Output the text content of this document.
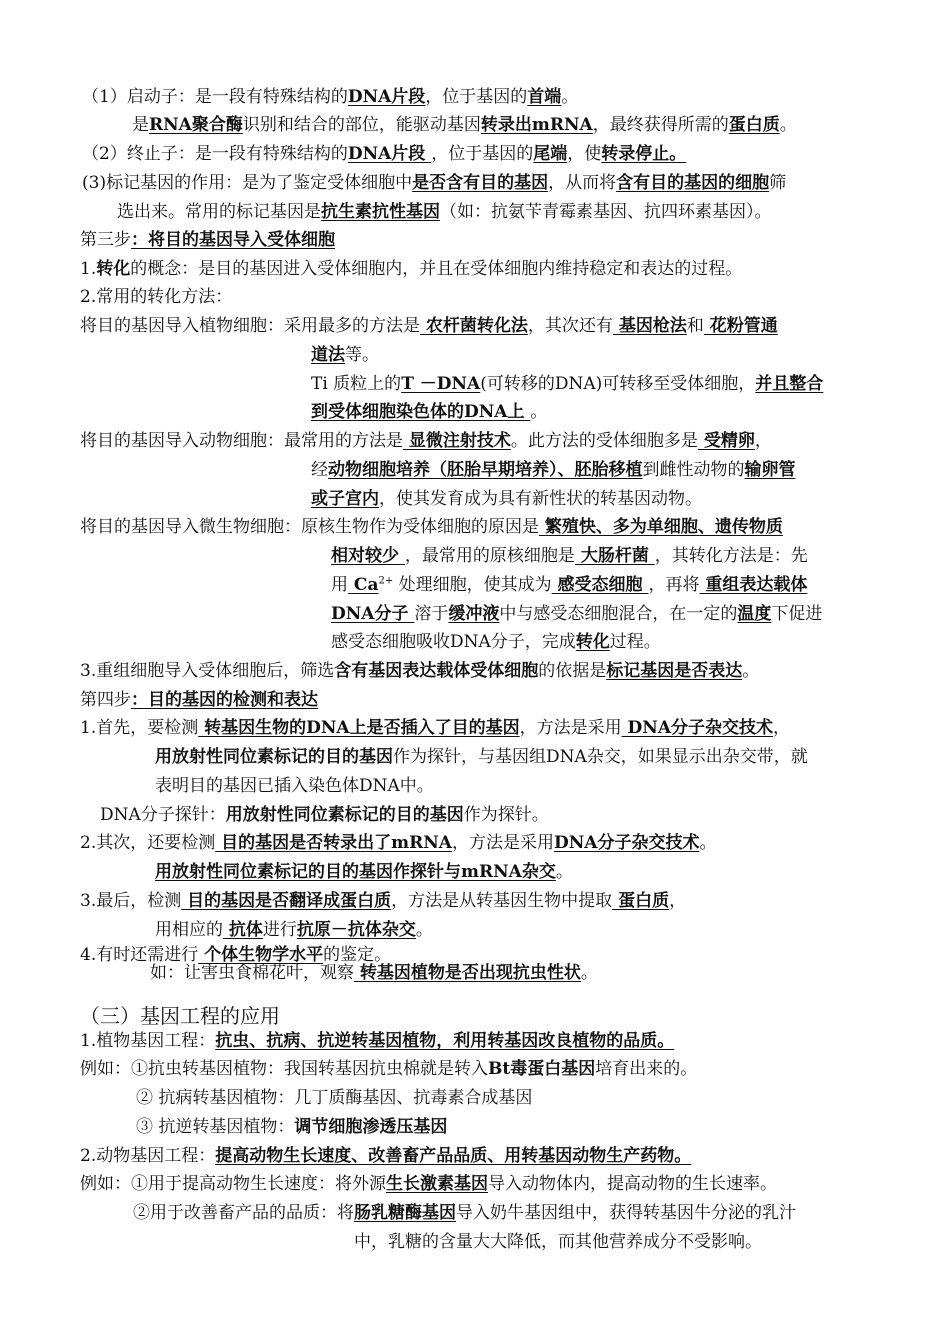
（1）启动子：是一段有特殊结构的DNA片段，位于基因的首端。
是RNA聚合酶识别和结合的部位，能驱动基因转录出mRNA，最终获得所需的蛋白质。
（2）终止子：是一段有特殊结构的DNA片段 ，位于基因的尾端，使转录停止。
(3)标记基因的作用：是为了鉴定受体细胞中是否含有目的基因，从而将含有目的基因的细胞筛
选出来。常用的标记基因是抗生素抗性基因（如：抗氨苄青霉素基因、抗四环素基因）。
第三步：将目的基因导入受体细胞
1.转化的概念：是目的基因进入受体细胞内，并且在受体细胞内维持稳定和表达的过程。
2.常用的转化方法：
将目的基因导入植物细胞：采用最多的方法是 农杆菌转化法，其次还有 基因枪法和 花粉管通
道法等。
Ti 质粒上的T －DNA(可转移的DNA)可转移至受体细胞，并且整合
到受体细胞染色体的DNA上 。
将目的基因导入动物细胞：最常用的方法是 显微注射技术。此方法的受体细胞多是 受精卵，
经动物细胞培养（胚胎早期培养）、胚胎移植到雌性动物的输卵管
或子宫内，使其发育成为具有新性状的转基因动物。
将目的基因导入微生物细胞：原核生物作为受体细胞的原因是 繁殖快、多为单细胞、遗传物质
相对较少 ，最常用的原核细胞是 大肠杆菌 ，其转化方法是：先
用 $Ca^{2+}$ 处理细胞，使其成为 感受态细胞 ，再将 重组表达载体
DNA分子 溶于缓冲液中与感受态细胞混合，在一定的温度下促进
感受态细胞吸收DNA分子，完成转化过程。
3.重组细胞导入受体细胞后，筛选含有基因表达载体受体细胞的依据是标记基因是否表达。
第四步：目的基因的检测和表达
1.首先，要检测 转基因生物的DNA上是否插入了目的基因，方法是采用 DNA分子杂交技术，
用放射性同位素标记的目的基因作为探针，与基因组DNA杂交，如果显示出杂交带，就
表明目的基因已插入染色体DNA中。
DNA分子探针：用放射性同位素标记的目的基因作为探针。
2.其次，还要检测 目的基因是否转录出了mRNA，方法是采用DNA分子杂交技术。
用放射性同位素标记的目的基因作探针与mRNA杂交。
3.最后，检测 目的基因是否翻译成蛋白质，方法是从转基因生物中提取 蛋白质，
用相应的 抗体进行抗原－抗体杂交。
4.有时还需进行 个体生物学水平的鉴定。
如：让害虫食棉花叶，观察 转基因植物是否出现抗虫性状。
（三）基因工程的应用
1.植物基因工程：抗虫、抗病、抗逆转基因植物，利用转基因改良植物的品质。
例如：①抗虫转基因植物：我国转基因抗虫棉就是转入Bt毒蛋白基因培育出来的。
② 抗病转基因植物：几丁质酶基因、抗毒素合成基因
③ 抗逆转基因植物：调节细胞渗透压基因
2.动物基因工程：提高动物生长速度、改善畜产品品质、用转基因动物生产药物。
例如：①用于提高动物生长速度：将外源生长激素基因导入动物体内，提高动物的生长速率。
②用于改善畜产品的品质：将肠乳糖酶基因导入奶牛基因组中，获得转基因牛分泌的乳汁
中，乳糖的含量大大降低，而其他营养成分不受影响。
